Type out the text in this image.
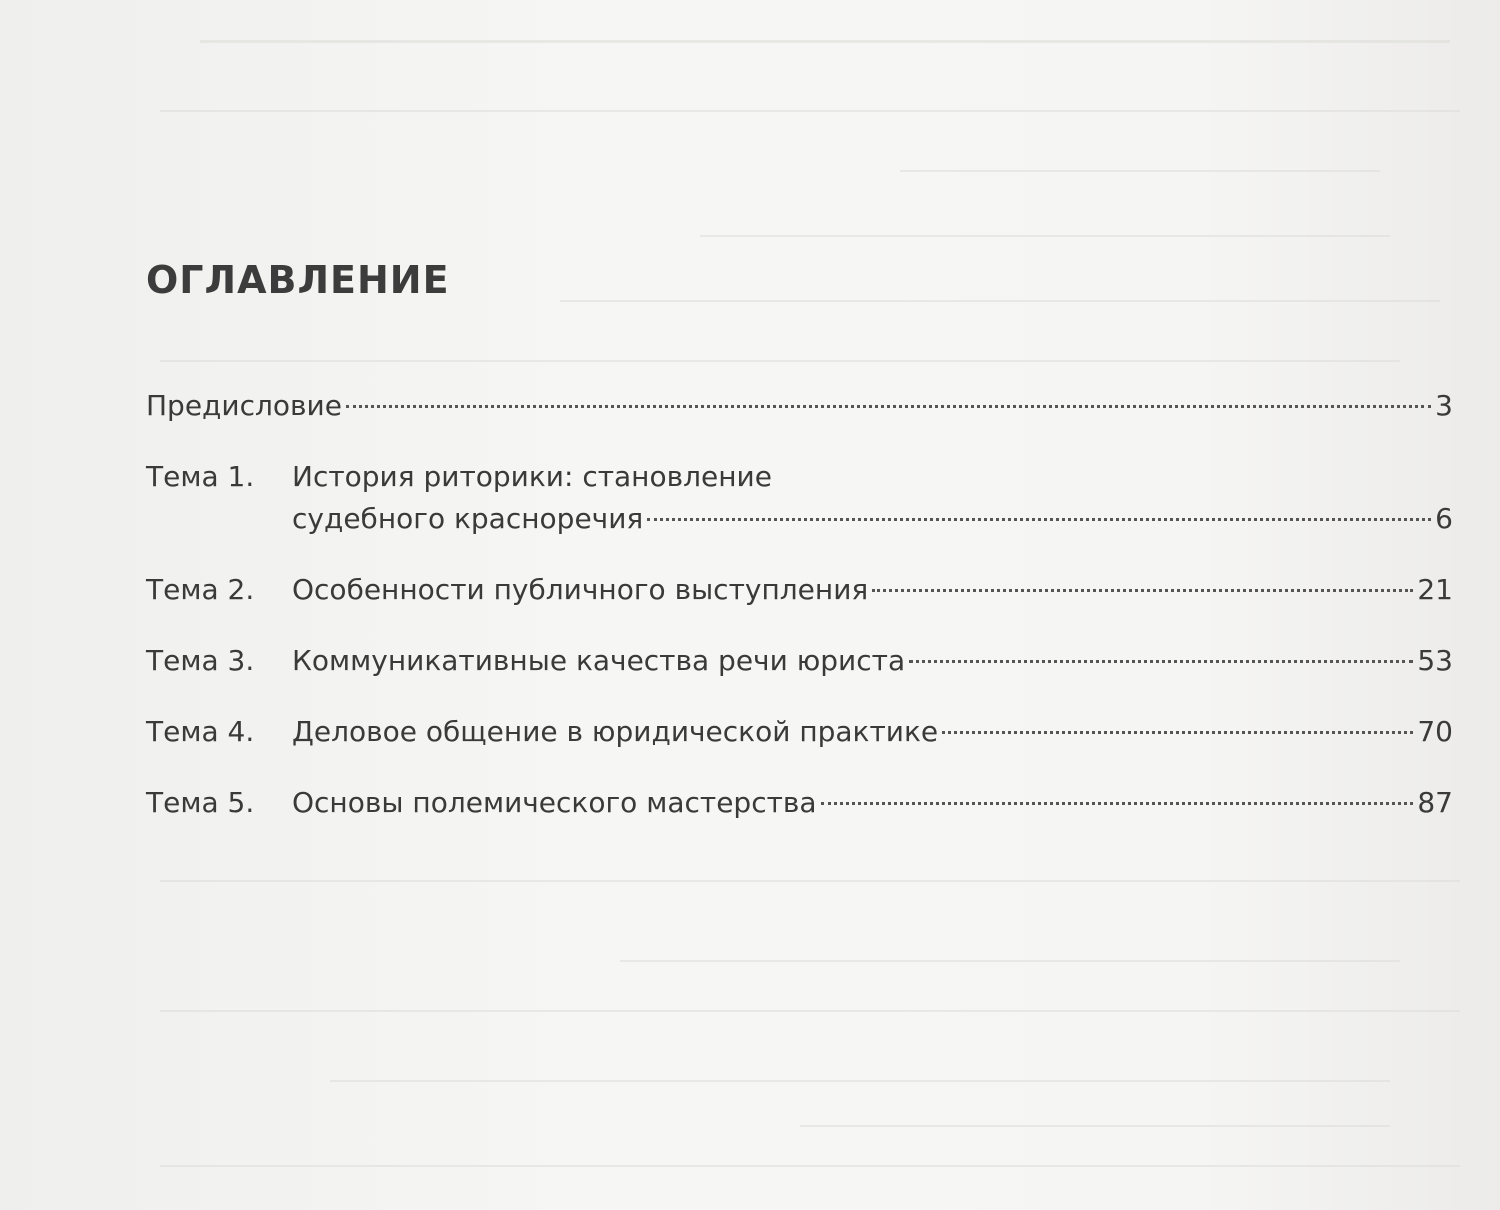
ОГЛАВЛЕНИЕ
Предисловие	3
Тема 1.	История риторики: становление
судебного красноречия	6
Тема 2.	Особенности публичного выступления	21
Тема 3.	Коммуникативные качества речи юриста	53
Тема 4.	Деловое общение в юридической практике	70
Тема 5.	Основы полемического мастерства	87
